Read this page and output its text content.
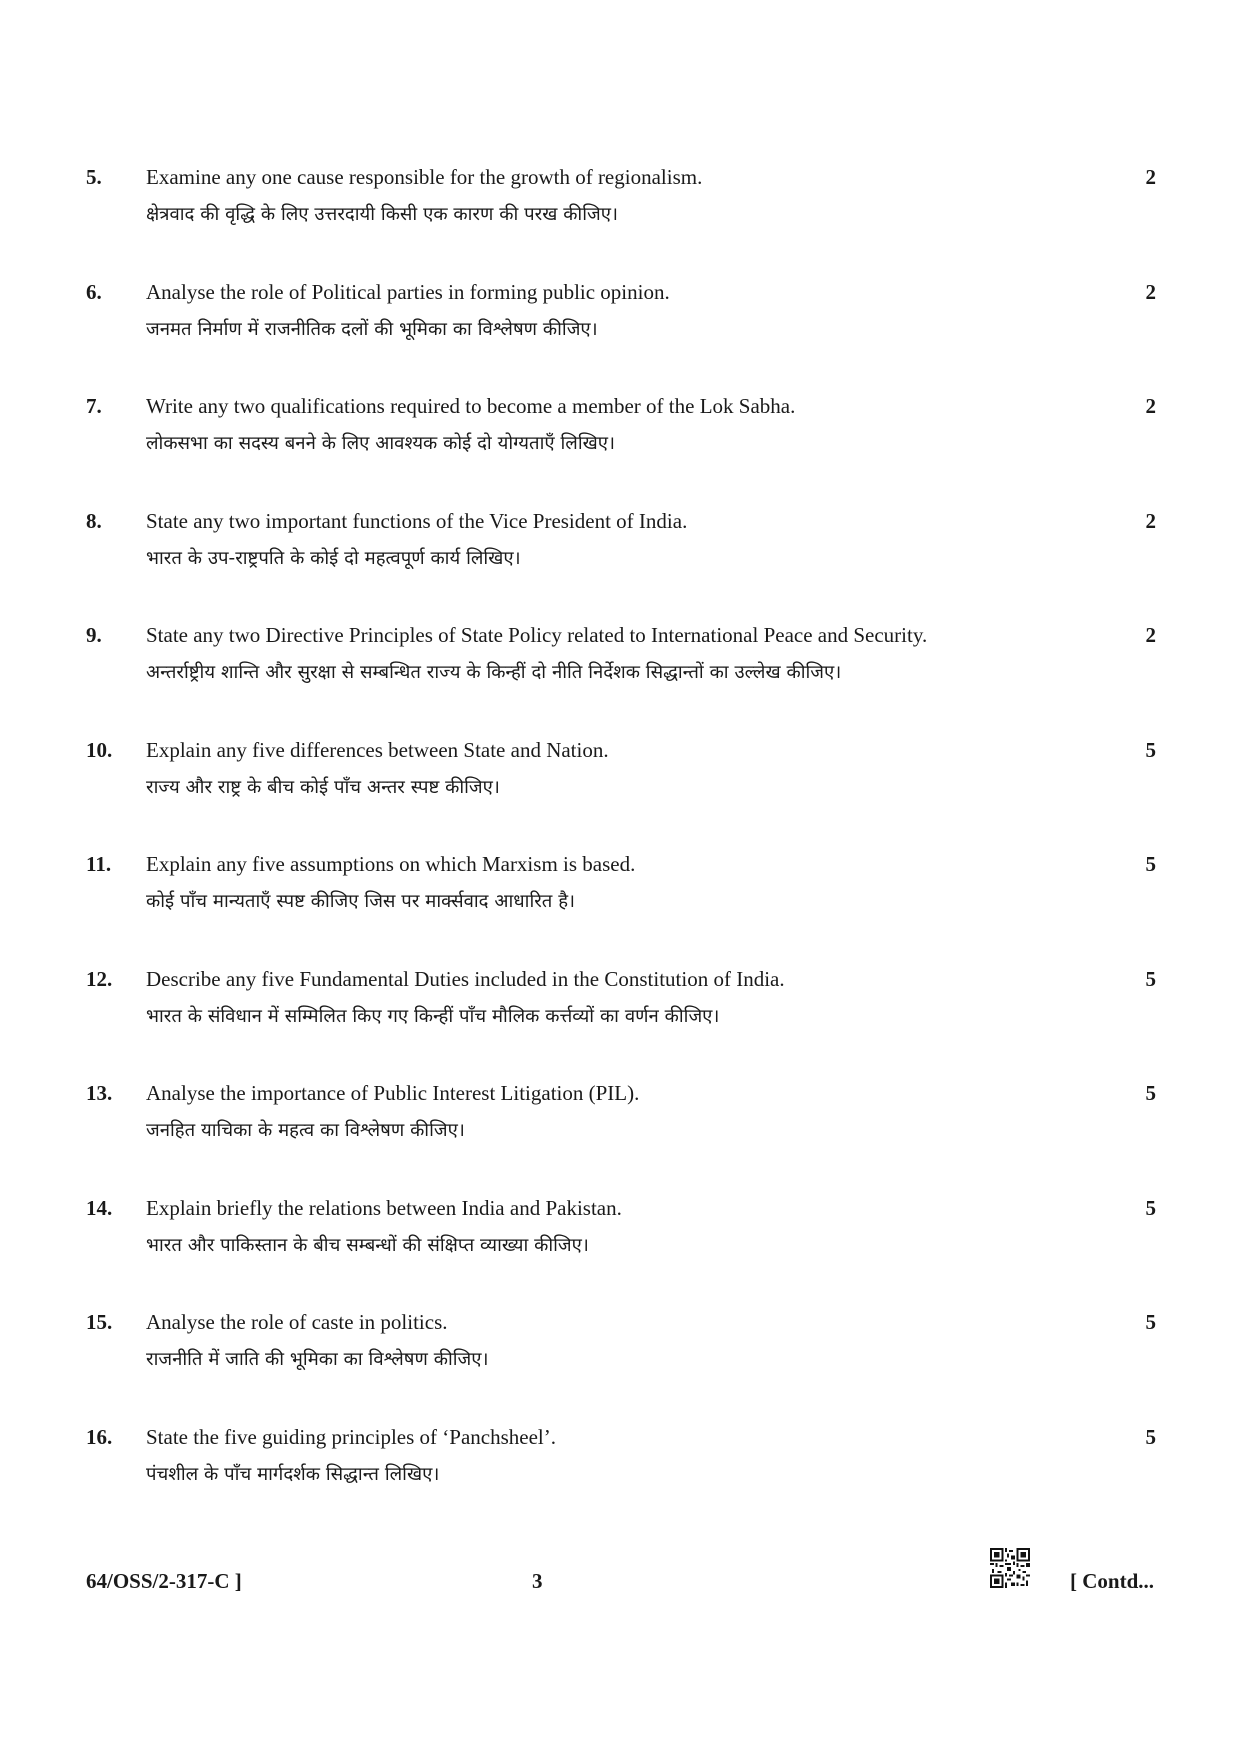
5. Examine any one cause responsible for the growth of regionalism.
क्षेत्रवाद की वृद्धि के लिए उत्तरदायी किसी एक कारण की परख कीजिए।
2
6. Analyse the role of Political parties in forming public opinion.
जनमत निर्माण में राजनीतिक दलों की भूमिका का विश्लेषण कीजिए।
2
7. Write any two qualifications required to become a member of the Lok Sabha.
लोकसभा का सदस्य बनने के लिए आवश्यक कोई दो योग्यताएँ लिखिए।
2
8. State any two important functions of the Vice President of India.
भारत के उप-राष्ट्रपति के कोई दो महत्वपूर्ण कार्य लिखिए।
2
9. State any two Directive Principles of State Policy related to International Peace and Security.
अन्तर्राष्ट्रीय शान्ति और सुरक्षा से सम्बन्धित राज्य के किन्हीं दो नीति निर्देशक सिद्धान्तों का उल्लेख कीजिए।
2
10. Explain any five differences between State and Nation.
राज्य और राष्ट्र के बीच कोई पाँच अन्तर स्पष्ट कीजिए।
5
11. Explain any five assumptions on which Marxism is based.
कोई पाँच मान्यताएँ स्पष्ट कीजिए जिस पर मार्क्सवाद आधारित है।
5
12. Describe any five Fundamental Duties included in the Constitution of India.
भारत के संविधान में सम्मिलित किए गए किन्हीं पाँच मौलिक कर्त्तव्यों का वर्णन कीजिए।
5
13. Analyse the importance of Public Interest Litigation (PIL).
जनहित याचिका के महत्व का विश्लेषण कीजिए।
5
14. Explain briefly the relations between India and Pakistan.
भारत और पाकिस्तान के बीच सम्बन्धों की संक्षिप्त व्याख्या कीजिए।
5
15. Analyse the role of caste in politics.
राजनीति में जाति की भूमिका का विश्लेषण कीजिए।
5
16. State the five guiding principles of ‘Panchsheel’.
पंचशील के पाँच मार्गदर्शक सिद्धान्त लिखिए।
5
64/OSS/2-317-C ]	3	[ Contd...
